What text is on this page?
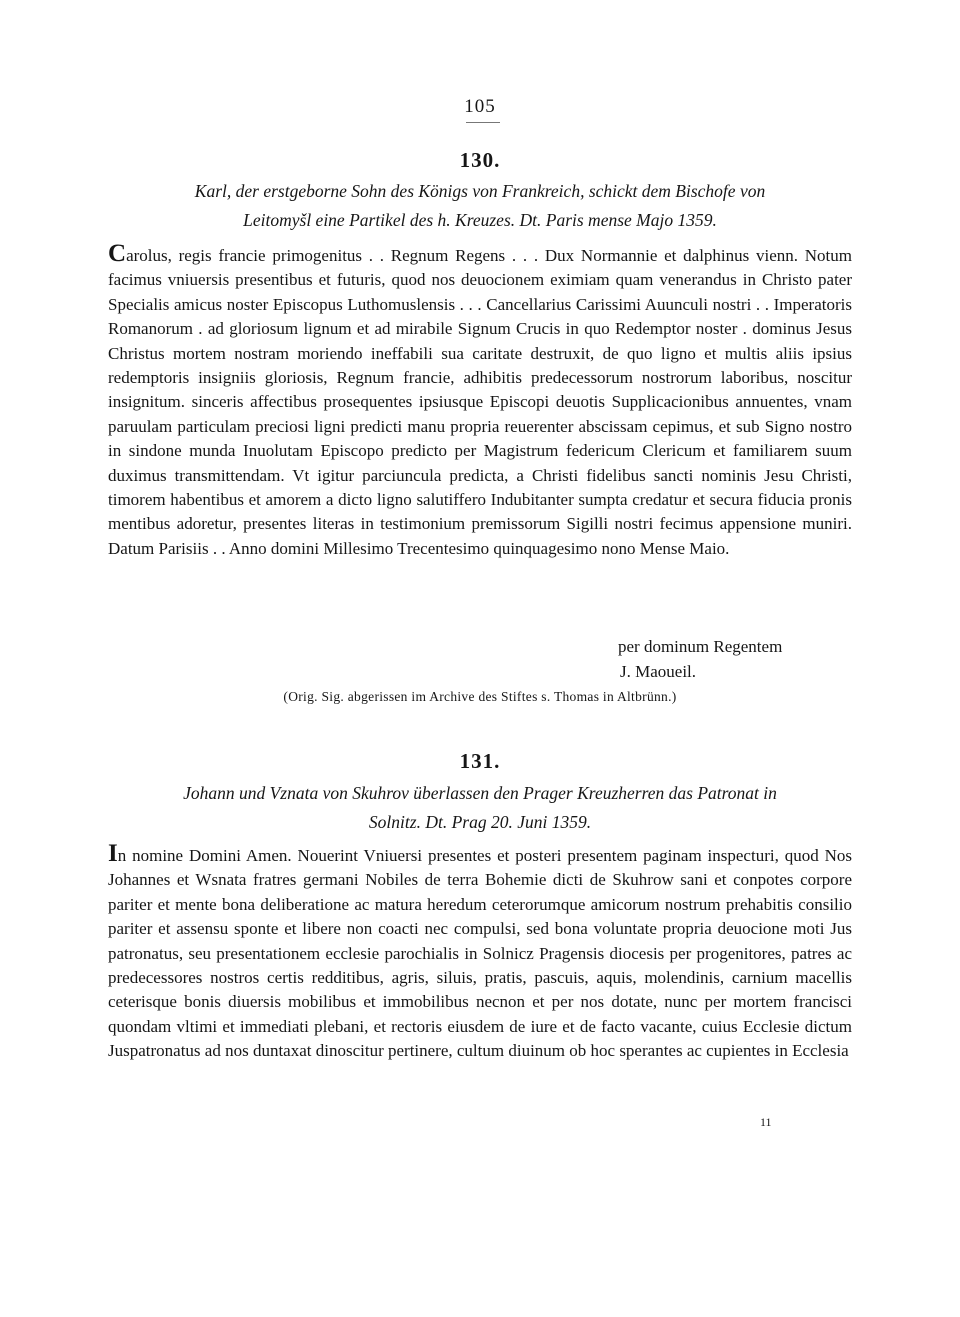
105
130.
Karl, der erstgeborne Sohn des Königs von Frankreich, schickt dem Bischofe von
Leitomyšl eine Partikel des h. Kreuzes. Dt. Paris mense Majo 1359.

Carolus, regis francie primogenitus . . Regnum Regens . . . Dux Normannie et dalphinus vienn. Notum facimus vniuersis presentibus et futuris, quod nos deuocionem eximiam quam venerandus in Christo pater Specialis amicus noster Episcopus Luthomuslensis . . . Cancellarius Carissimi Auunculi nostri . . Imperatoris Romanorum . ad gloriosum lignum et ad mirabile Signum Crucis in quo Redemptor noster . dominus Jesus Christus mortem nostram moriendo ineffabili sua caritate destruxit, de quo ligno et multis aliis ipsius redemptoris insigniis gloriosis, Regnum francie, adhibitis predecessorum nostrorum laboribus, noscitur insignitum. sinceris affectibus prosequentes ipsiusque Episcopi deuotis Supplicacionibus annuentes, vnam paruulam particulam preciosi ligni predicti manu propria reuerenter abscissam cepimus, et sub Signo nostro in sindone munda Inuolutam Episcopo predicto per Magistrum federicum Clericum et familiarem suum duximus transmittendam. Vt igitur parciuncula predicta, a Christi fidelibus sancti nominis Jesu Christi, timorem habentibus et amorem a dicto ligno salutiffero Indubitanter sumpta credatur et secura fiducia pronis mentibus adoretur, presentes literas in testimonium premissorum Sigilli nostri fecimus appensione muniri. Datum Parisiis . . Anno domini Millesimo Trecentesimo quinquagesimo nono Mense Maio.

per dominum Regentem
J. Maoueil.
(Orig. Sig. abgerissen im Archive des Stiftes s. Thomas in Altbrünn.)
131.
Johann und Vznata von Skuhrov überlassen den Prager Kreuzherren das Patronat in
Solnitz. Dt. Prag 20. Juni 1359.

In nomine Domini Amen. Nouerint Vniuersi presentes et posteri presentem paginam inspecturi, quod Nos Johannes et Wsnata fratres germani Nobiles de terra Bohemie dicti de Skuhrow sani et conpotes corpore pariter et mente bona deliberatione ac matura heredum ceterorumque amicorum nostrum prehabitis consilio pariter et assensu sponte et libere non coacti nec compulsi, sed bona voluntate propria deuocione moti Jus patronatus, seu presentationem ecclesie parochialis in Solnicz Pragensis diocesis per progenitores, patres ac predecessores nostros certis redditibus, agris, siluis, pratis, pascuis, aquis, molendinis, carnium macellis ceterisque bonis diuersis mobilibus et immobilibus necnon et per nos dotate, nunc per mortem francisci quondam vltimi et immediati plebani, et rectoris eiusdem de iure et de facto vacante, cuius Ecclesie dictum Juspatronatus ad nos duntaxat dinoscitur pertinere, cultum diuinum ob hoc sperantes ac cupientes in Ecclesia

11
